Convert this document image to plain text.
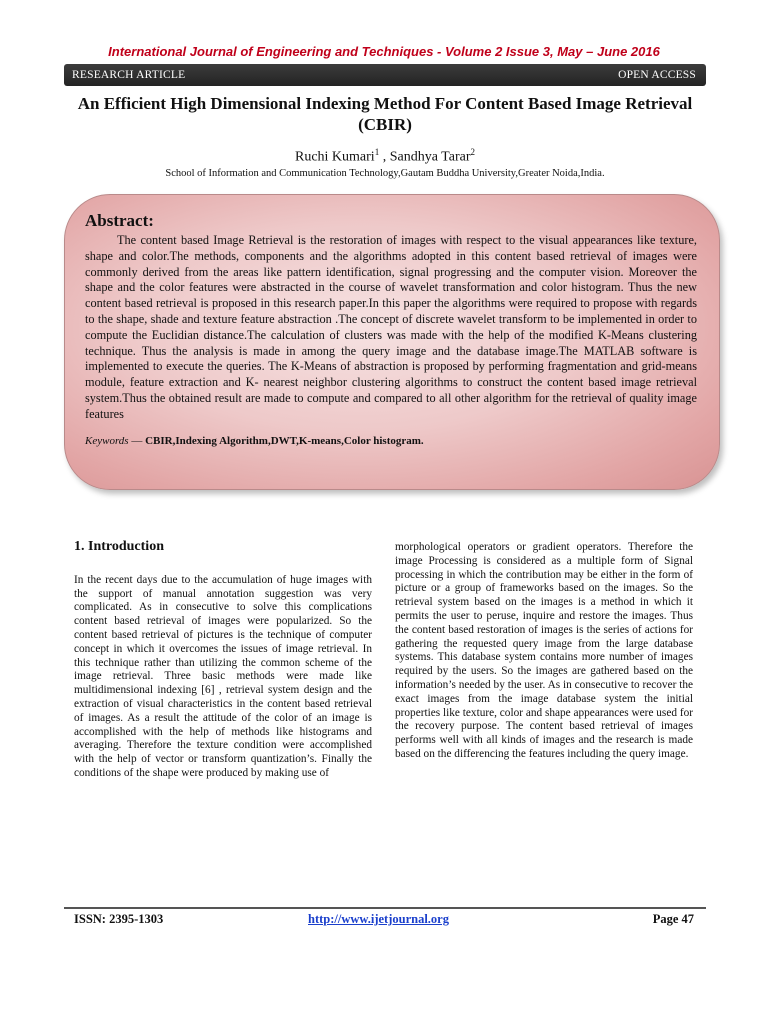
International Journal of Engineering and Techniques - Volume 2 Issue 3, May – June 2016
RESEARCH ARTICLE	OPEN ACCESS
An Efficient High Dimensional Indexing Method For Content Based Image Retrieval (CBIR)
Ruchi Kumari$^1$ , Sandhya Tarar$^2$
School of Information and Communication Technology,Gautam Buddha University,Greater Noida,India.
Abstract:

The content based Image Retrieval is the restoration of images with respect to the visual appearances like texture, shape and color.The methods, components and the algorithms adopted in this content based retrieval of images were commonly derived from the areas like pattern identification, signal progressing and the computer vision. Moreover the shape and the color features were abstracted in the course of wavelet transformation and color histogram. Thus the new content based retrieval is proposed in this research paper.In this paper the algorithms were required to propose with regards to the shape, shade and texture feature abstraction .The concept of discrete wavelet transform to be implemented in order to compute the Euclidian distance.The calculation of clusters was made with the help of the modified K-Means clustering technique. Thus the analysis is made in among the query image and the database image.The MATLAB software is implemented to execute the queries. The K-Means of abstraction is proposed by performing fragmentation and grid-means module, feature extraction and K- nearest neighbor clustering algorithms to construct the content based image retrieval system.Thus the obtained result are made to compute and compared to all other algorithm for the retrieval of quality image features

Keywords — CBIR,Indexing Algorithm,DWT,K-means,Color histogram.
1. Introduction

In the recent days due to the accumulation of huge images with the support of manual annotation suggestion was very complicated. As in consecutive to solve this complications content based retrieval of images were popularized. So the content based retrieval of pictures is the technique of computer concept in which it overcomes the issues of image retrieval. In this technique rather than utilizing the common scheme of the image retrieval. Three basic methods were made like multidimensional indexing [6] , retrieval system design and the extraction of visual characteristics in the content based retrieval of images. As a result the attitude of the color of an image is accomplished with the help of methods like histograms and averaging. Therefore the texture condition were accomplished with the help of vector or transform quantization’s. Finally the conditions of the shape were produced by making use of

morphological operators or gradient operators. Therefore the image Processing is considered as a multiple form of Signal processing in which the contribution may be either in the form of picture or a group of frameworks based on the images. So the retrieval system based on the images is a method in which it permits the user to peruse, inquire and restore the images. Thus the content based restoration of images is the series of actions for gathering the requested query image from the large database systems. This database system contains more number of images required by the users. So the images are gathered based on the information’s needed by the user. As in consecutive to recover the exact images from the image database system the initial properties like texture, color and shape appearances were used for the recovery purpose. The content based retrieval of images performs well with all kinds of images and the research is made based on the differencing the features including the query image.

ISSN: 2395-1303	http://www.ijetjournal.org	Page 47
